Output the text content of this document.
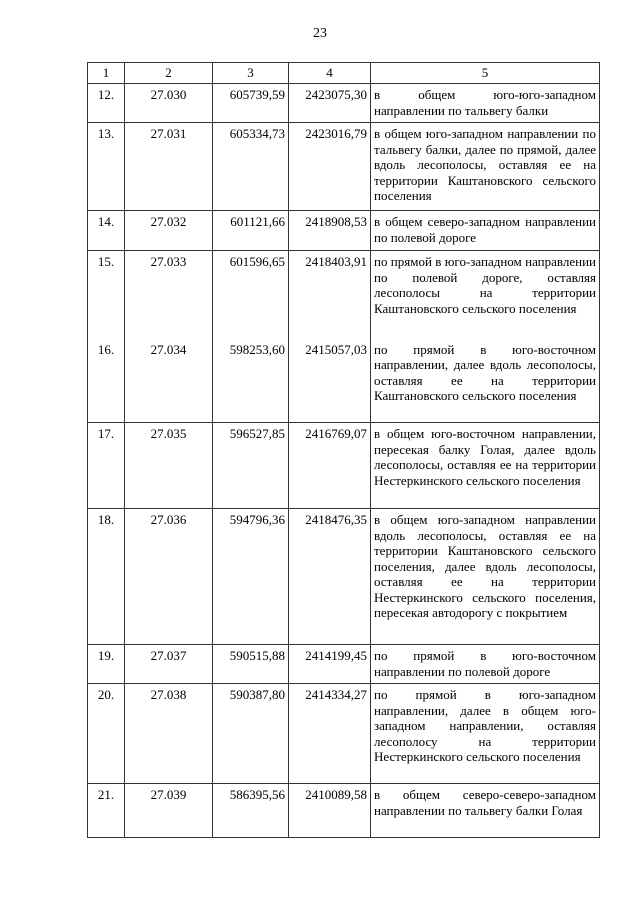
23
1	2	3	4	5
12.	27.030	605739,59	2423075,30	в общем юго-юго-западном направлении по тальвегу балки
13.	27.031	605334,73	2423016,79	в общем юго-западном направлении по тальвегу балки, далее по прямой, далее вдоль лесополосы, оставляя ее на территории Каштановского сельского поселения
14.	27.032	601121,66	2418908,53	в общем северо-западном направлении по полевой дороге
15.	27.033	601596,65	2418403,91	по прямой в юго-западном направлении по полевой дороге, оставляя лесополосы на территории Каштановского сельского поселения
16.	27.034	598253,60	2415057,03	по прямой в юго-восточном направлении, далее вдоль лесополосы, оставляя ее на территории Каштановского сельского поселения
17.	27.035	596527,85	2416769,07	в общем юго-восточном направлении, пересекая балку Голая, далее вдоль лесополосы, оставляя ее на территории Нестеркинского сельского поселения
18.	27.036	594796,36	2418476,35	в общем юго-западном направлении вдоль лесополосы, оставляя ее на территории Каштановского сельского поселения, далее вдоль лесополосы, оставляя ее на территории Нестеркинского сельского поселения, пересекая автодорогу с покрытием
19.	27.037	590515,88	2414199,45	по прямой в юго-восточном направлении по полевой дороге
20.	27.038	590387,80	2414334,27	по прямой в юго-западном направлении, далее в общем юго-западном направлении, оставляя лесополосу на территории Нестеркинского сельского поселения
21.	27.039	586395,56	2410089,58	в общем северо-северо-западном направлении по тальвегу балки Голая
